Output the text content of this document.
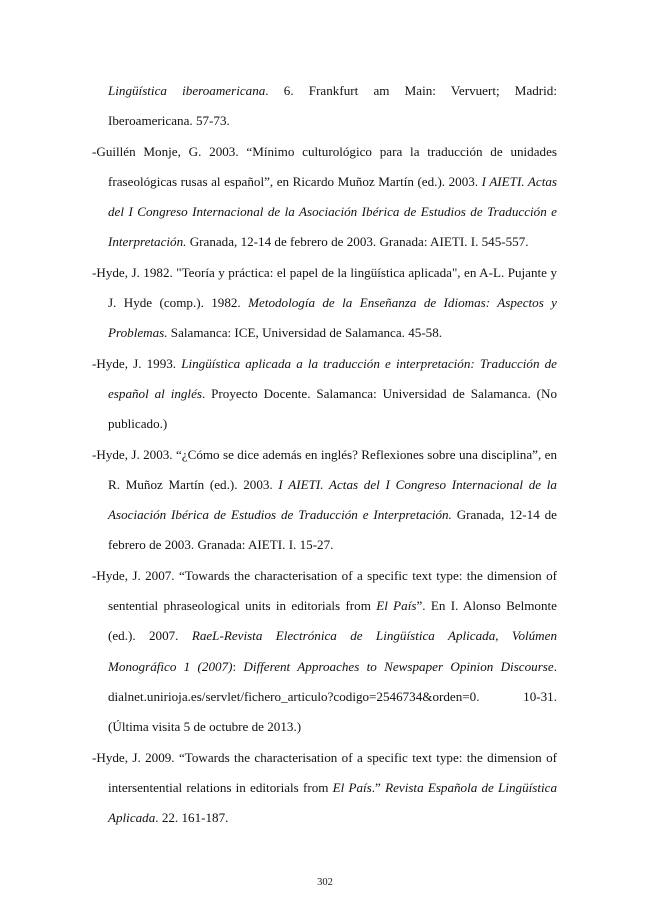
Lingüística iberoamericana. 6. Frankfurt am Main: Vervuert; Madrid: Iberoamericana. 57-73.

-Guillén Monje, G. 2003. “Mínimo culturológico para la traducción de unidades fraseológicas rusas al español”, en Ricardo Muñoz Martín (ed.). 2003. I AIETI. Actas del I Congreso Internacional de la Asociación Ibérica de Estudios de Traducción e Interpretación. Granada, 12-14 de febrero de 2003. Granada: AIETI. I. 545-557.

-Hyde, J. 1982. "Teoría y práctica: el papel de la lingüística aplicada", en A-L. Pujante y J. Hyde (comp.). 1982. Metodología de la Enseñanza de Idiomas: Aspectos y Problemas. Salamanca: ICE, Universidad de Salamanca. 45-58.

-Hyde, J. 1993. Lingüística aplicada a la traducción e interpretación: Traducción de español al inglés. Proyecto Docente. Salamanca: Universidad de Salamanca. (No publicado.)

-Hyde, J. 2003. “¿Cómo se dice además en inglés? Reflexiones sobre una disciplina”, en R. Muñoz Martín (ed.). 2003. I AIETI. Actas del I Congreso Internacional de la Asociación Ibérica de Estudios de Traducción e Interpretación. Granada, 12-14 de febrero de 2003. Granada: AIETI. I. 15-27.

-Hyde, J. 2007. “Towards the characterisation of a specific text type: the dimension of sentential phraseological units in editorials from El País”. En I. Alonso Belmonte (ed.). 2007. RaeL-Revista Electrónica de Lingüística Aplicada, Volúmen Monográfico 1 (2007): Different Approaches to Newspaper Opinion Discourse. dialnet.unirioja.es/servlet/fichero_articulo?codigo=2546734&orden=0. 10-31. (Última visita 5 de octubre de 2013.)

-Hyde, J. 2009. “Towards the characterisation of a specific text type: the dimension of intersentential relations in editorials from El País.” Revista Española de Lingüística Aplicada. 22. 161-187.

302
